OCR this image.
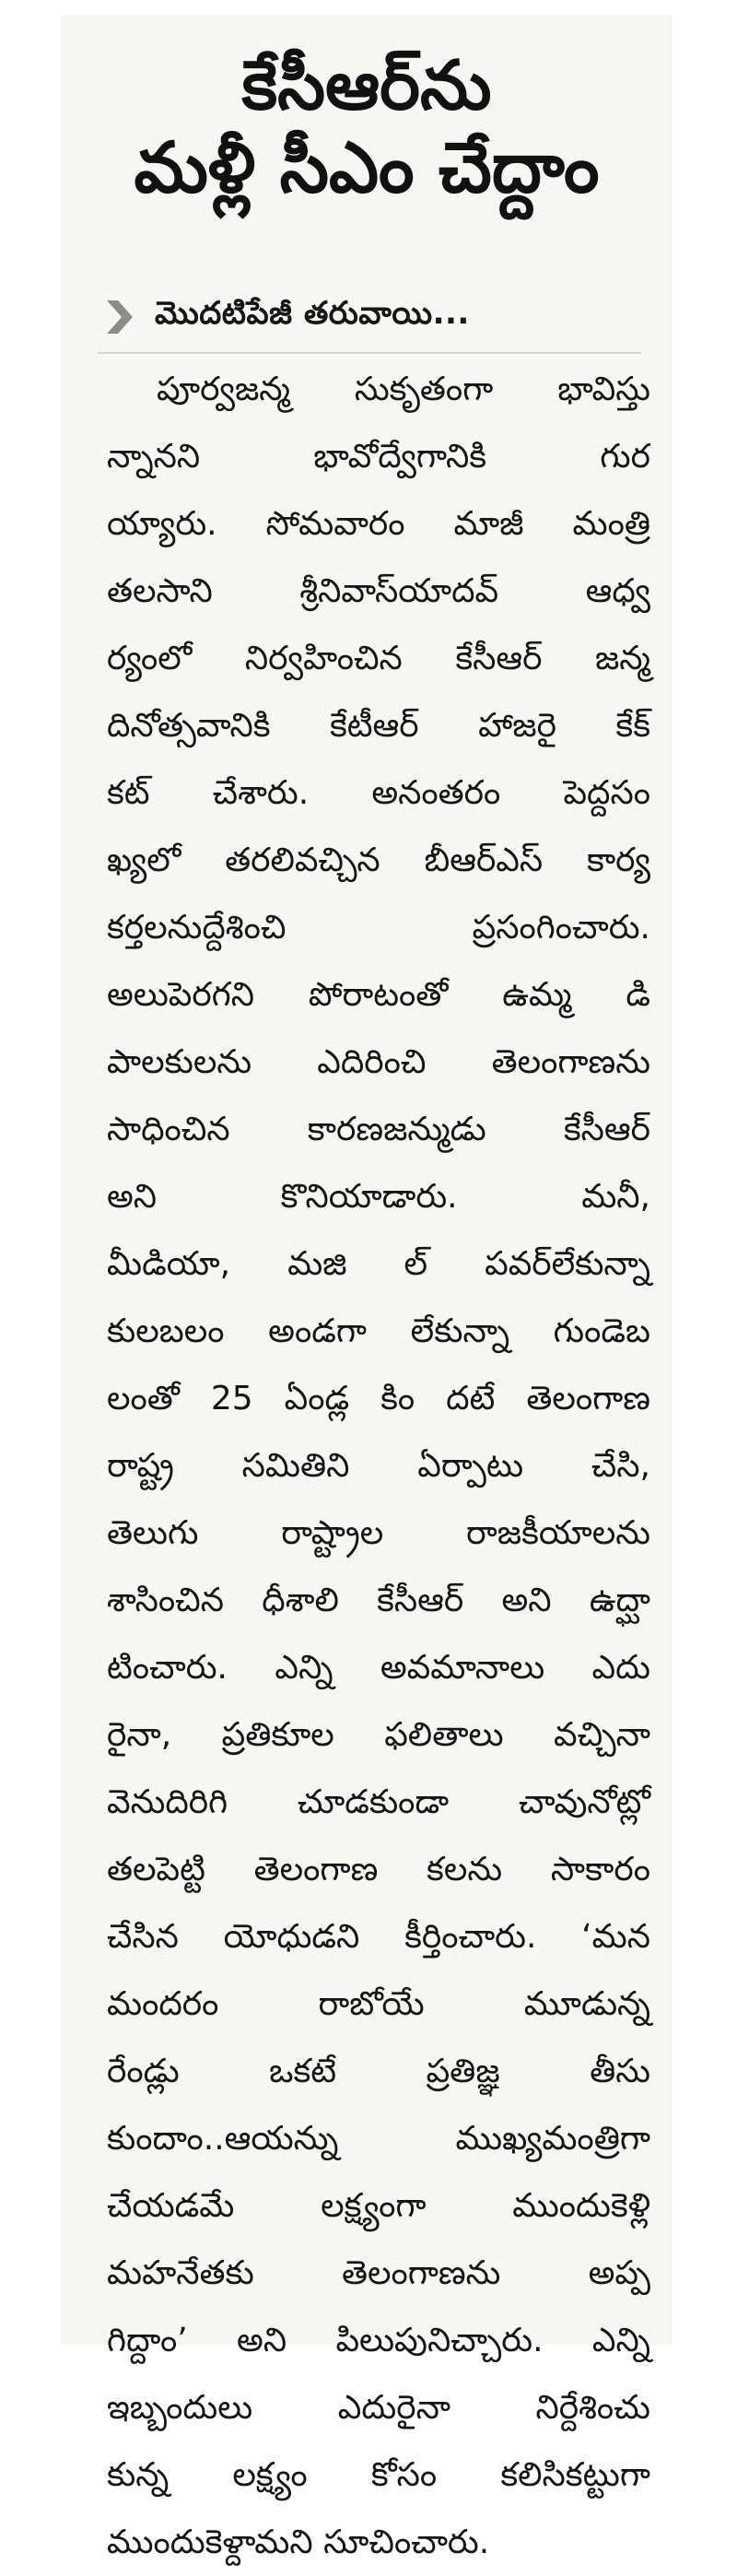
కేసీఆర్‌ను
మళ్లీ సీఎం చేద్దాం
మొదటిపేజీ తరువాయి...
పూర్వజన్మ సుకృతంగా భావిస్తు
న్నానని భావోద్వేగానికి గుర
య్యారు. సోమవారం మాజీ మంత్రి
తలసాని శ్రీనివాస్‌యాదవ్‌ ఆధ్వ
ర్యంలో నిర్వహించిన కేసీఆర్‌ జన్మ
దినోత్సవానికి కేటీఆర్‌ హాజరై కేక్‌
కట్‌ చేశారు. అనంతరం పెద్దసం
ఖ్యలో తరలివచ్చిన బీఆర్‌ఎస్‌ కార్య
కర్తలనుద్దేశించి ప్రసంగించారు.
అలుపెరగని పోరాటంతో ఉమ్మ డి
పాలకులను ఎదిరించి తెలంగాణను
సాధించిన కారణజన్ముడు కేసీఆర్‌
అని కొనియాడారు. మనీ,
మీడియా, మజి ల్‌ పవర్‌లేకున్నా
కులబలం అండగా లేకున్నా గుండెబ
లంతో 25 ఏండ్ల కిం దటే తెలంగాణ
రాష్ట్ర సమితిని ఏర్పాటు చేసి,
తెలుగు రాష్ట్రాల రాజకీయాలను
శాసించిన ధీశాలి కేసీఆర్‌ అని ఉద్ఘా
టించారు. ఎన్ని అవమానాలు ఎదు
రైనా, ప్రతికూల ఫలితాలు వచ్చినా
వెనుదిరిగి చూడకుండా చావునోట్లో
తలపెట్టి తెలంగాణ కలను సాకారం
చేసిన యోధుడని కీర్తించారు. ‘మన
మందరం రాబోయే మూడున్న
రేండ్లు ఒకటే ప్రతిజ్ఞ తీసు
కుందాం..ఆయన్ను ముఖ్యమంత్రిగా
చేయడమే లక్ష్యంగా ముందుకెళ్లి
మహనేతకు తెలంగాణను అప్ప
గిద్దాం’ అని పిలుపునిచ్చారు. ఎన్ని
ఇబ్బందులు ఎదురైనా నిర్దేశించు
కున్న లక్ష్యం కోసం కలిసికట్టుగా
ముందుకెళ్దామని సూచించారు.
